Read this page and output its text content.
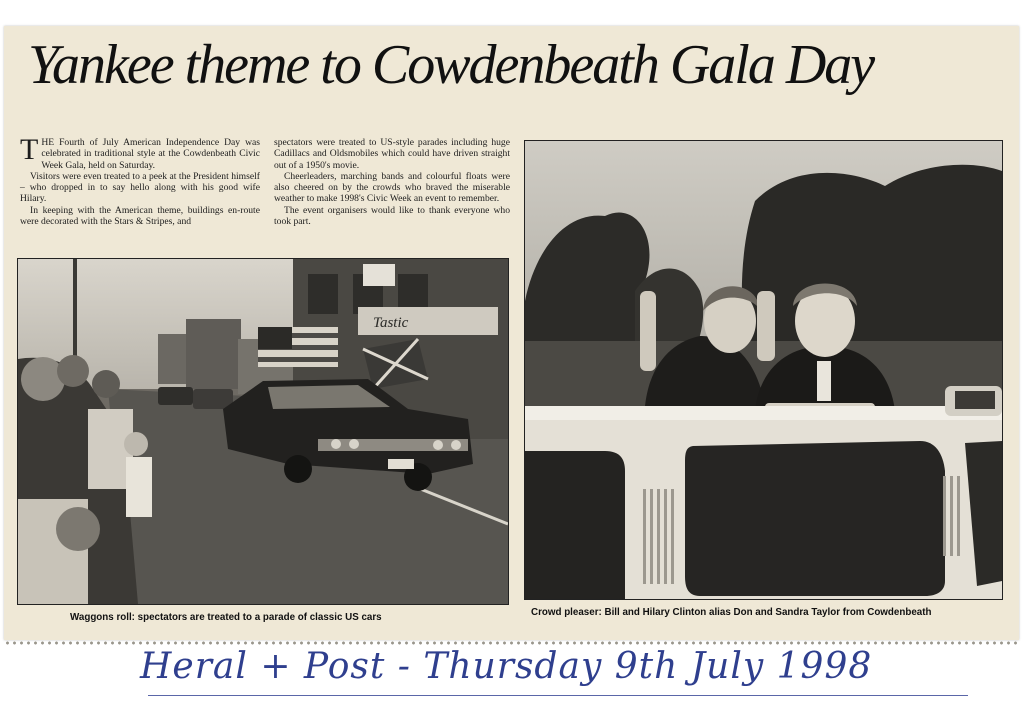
Yankee theme to Cowdenbeath Gala Day

THE Fourth of July American Independence Day was celebrated in traditional style at the Cowdenbeath Civic Week Gala, held on Saturday.

Visitors were even treated to a peek at the President himself – who dropped in to say hello along with his good wife Hilary.

In keeping with the American theme, buildings en-route were decorated with the Stars & Stripes, and

spectators were treated to US-style parades including huge Cadillacs and Oldsmobiles which could have driven straight out of a 1950's movie.

Cheerleaders, marching bands and colourful floats were also cheered on by the crowds who braved the miserable weather to make 1998's Civic Week an event to remember.

The event organisers would like to thank everyone who took part.

Tastic
Waggons roll: spectators are treated to a parade of classic US cars	Crowd pleaser: Bill and Hilary Clinton alias Don and Sandra Taylor from Cowdenbeath
Heral + Post - Thursday 9th July 1998
